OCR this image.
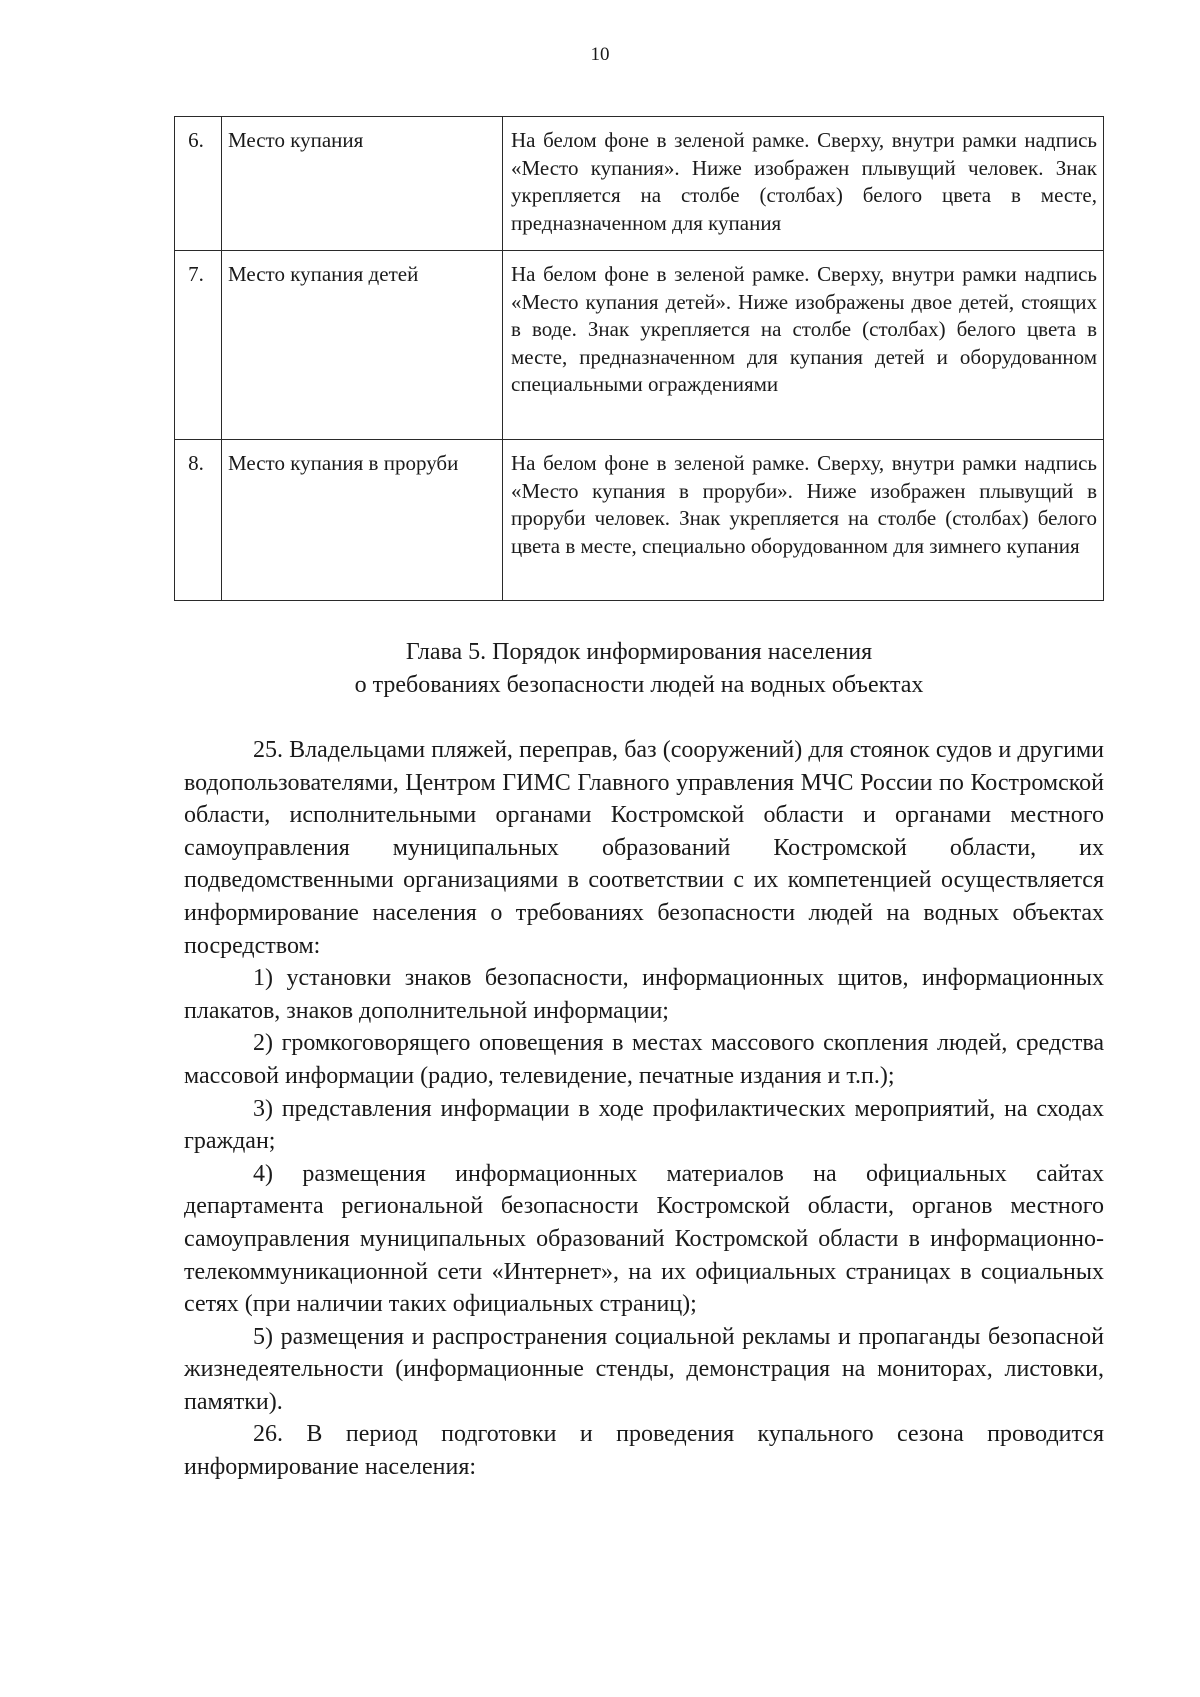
10
6.	Место купания	На белом фоне в зеленой рамке. Сверху, внутри рамки надпись «Место купания». Ниже изображен плывущий человек. Знак укрепляется на столбе (столбах) белого цвета в месте, предназначенном для купания
7.	Место купания детей	На белом фоне в зеленой рамке. Сверху, внутри рамки надпись «Место купания детей». Ниже изображены двое детей, стоящих в воде. Знак укрепляется на столбе (столбах) белого цвета в месте, предназначенном для купания детей и оборудованном специальными ограждениями
8.	Место купания в проруби	На белом фоне в зеленой рамке. Сверху, внутри рамки надпись «Место купания в проруби». Ниже изображен плывущий в проруби человек. Знак укрепляется на столбе (столбах) белого цвета в месте, специально оборудованном для зимнего купания
Глава 5. Порядок информирования населения
о требованиях безопасности людей на водных объектах

25. Владельцами пляжей, переправ, баз (сооружений) для стоянок судов и другими водопользователями, Центром ГИМС Главного управления МЧС России по Костромской области, исполнительными органами Костромской области и органами местного самоуправления муниципальных образований Костромской области, их подведомственными организациями в соответствии с их компетенцией осуществляется информирование населения о требованиях безопасности людей на водных объектах посредством:

1) установки знаков безопасности, информационных щитов, информационных плакатов, знаков дополнительной информации;

2) громкоговорящего оповещения в местах массового скопления людей, средства массовой информации (радио, телевидение, печатные издания и т.п.);

3) представления информации в ходе профилактических мероприятий, на сходах граждан;

4) размещения информационных материалов на официальных сайтах департамента региональной безопасности Костромской области, органов местного самоуправления муниципальных образований Костромской области в информационно-телекоммуникационной сети «Интернет», на их официальных страницах в социальных сетях (при наличии таких официальных страниц);

5) размещения и распространения социальной рекламы и пропаганды безопасной жизнедеятельности (информационные стенды, демонстрация на мониторах, листовки, памятки).

26. В период подготовки и проведения купального сезона проводится информирование населения:
